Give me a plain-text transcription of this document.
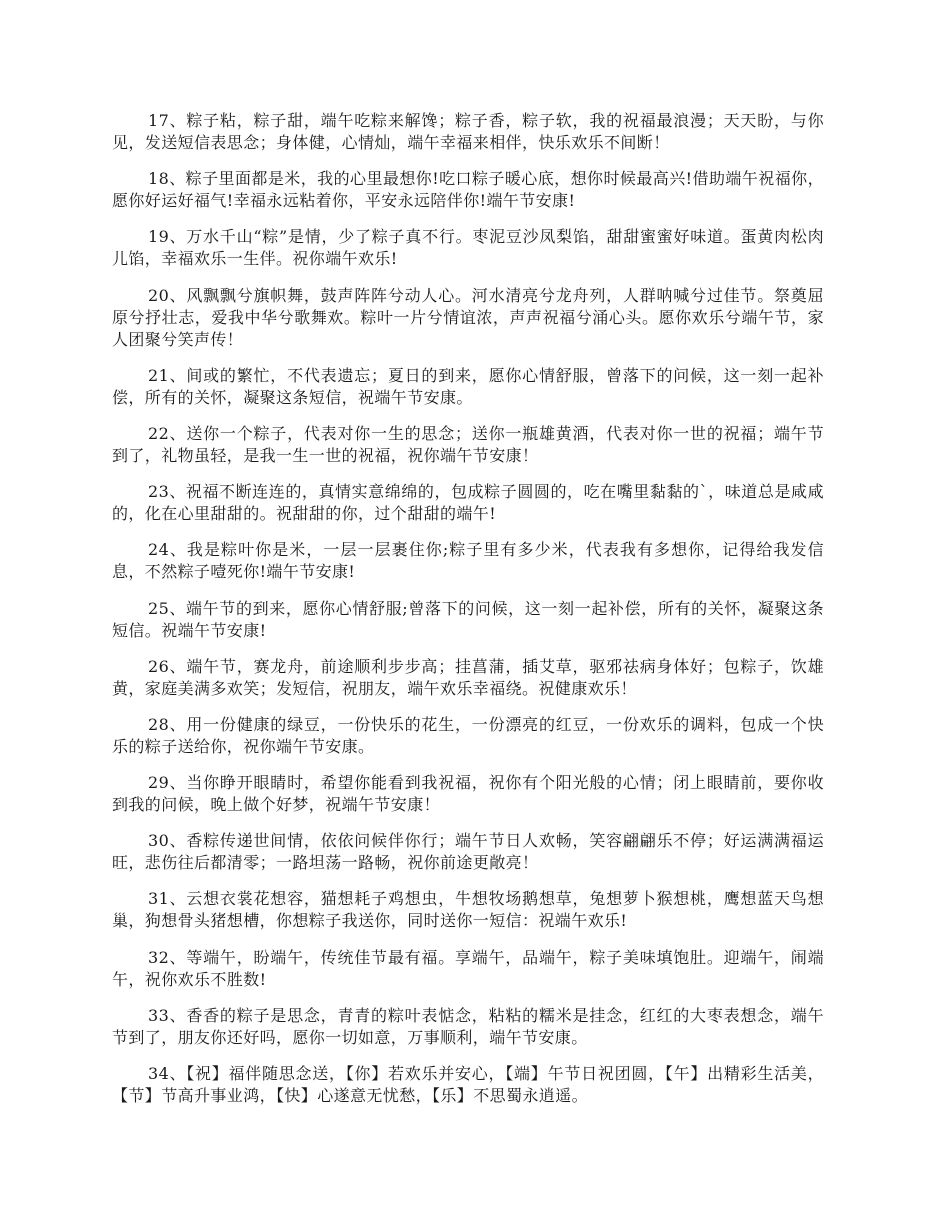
17、粽子粘，粽子甜，端午吃粽来解馋；粽子香，粽子软，我的祝福最浪漫；天天盼，与你见，发送短信表思念；身体健，心情灿，端午幸福来相伴，快乐欢乐不间断！

18、粽子里面都是米，我的心里最想你!吃口粽子暖心底，想你时候最高兴!借助端午祝福你，愿你好运好福气!幸福永远粘着你，平安永远陪伴你!端午节安康!

19、万水千山“粽”是情，少了粽子真不行。枣泥豆沙凤梨馅，甜甜蜜蜜好味道。蛋黄肉松肉儿馅，幸福欢乐一生伴。祝你端午欢乐!

20、风飘飘兮旗帜舞，鼓声阵阵兮动人心。河水清亮兮龙舟列，人群呐喊兮过佳节。祭奠屈原兮抒壮志，爱我中华兮歌舞欢。粽叶一片兮情谊浓，声声祝福兮涌心头。愿你欢乐兮端午节，家人团聚兮笑声传！

21、间或的繁忙，不代表遗忘；夏日的到来，愿你心情舒服，曾落下的问候，这一刻一起补偿，所有的关怀，凝聚这条短信，祝端午节安康。

22、送你一个粽子，代表对你一生的思念；送你一瓶雄黄酒，代表对你一世的祝福；端午节到了，礼物虽轻，是我一生一世的祝福，祝你端午节安康！

23、祝福不断连连的，真情实意绵绵的，包成粽子圆圆的，吃在嘴里黏黏的`，味道总是咸咸的，化在心里甜甜的。祝甜甜的你，过个甜甜的端午!

24、我是粽叶你是米，一层一层裹住你;粽子里有多少米，代表我有多想你，记得给我发信息，不然粽子噎死你!端午节安康!

25、端午节的到来，愿你心情舒服;曾落下的问候，这一刻一起补偿，所有的关怀，凝聚这条短信。祝端午节安康!

26、端午节，赛龙舟，前途顺利步步高；挂菖蒲，插艾草，驱邪祛病身体好；包粽子，饮雄黄，家庭美满多欢笑；发短信，祝朋友，端午欢乐幸福绕。祝健康欢乐！

28、用一份健康的绿豆，一份快乐的花生，一份漂亮的红豆，一份欢乐的调料，包成一个快乐的粽子送给你，祝你端午节安康。

29、当你睁开眼睛时，希望你能看到我祝福，祝你有个阳光般的心情；闭上眼睛前，要你收到我的问候，晚上做个好梦，祝端午节安康！

30、香粽传递世间情，依依问候伴你行；端午节日人欢畅，笑容翩翩乐不停；好运满满福运旺，悲伤往后都清零；一路坦荡一路畅，祝你前途更敞亮！

31、云想衣裳花想容，猫想耗子鸡想虫，牛想牧场鹅想草，兔想萝卜猴想桃，鹰想蓝天鸟想巢，狗想骨头猪想槽，你想粽子我送你，同时送你一短信：祝端午欢乐!

32、等端午，盼端午，传统佳节最有福。享端午，品端午，粽子美味填饱肚。迎端午，闹端午，祝你欢乐不胜数!

33、香香的粽子是思念，青青的粽叶表惦念，粘粘的糯米是挂念，红红的大枣表想念，端午节到了，朋友你还好吗，愿你一切如意，万事顺利，端午节安康。

34、【祝】福伴随思念送，【你】若欢乐并安心，【端】午节日祝团圆，【午】出精彩生活美，【节】节高升事业鸿，【快】心遂意无忧愁，【乐】不思蜀永逍遥。
